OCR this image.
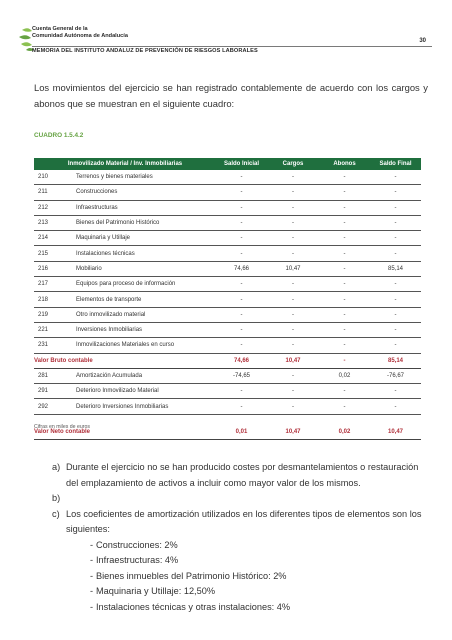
Cuenta General de la
Comunidad Autónoma de Andalucía
30
MEMORIA DEL INSTITUTO ANDALUZ DE PREVENCIÓN DE RIESGOS LABORALES
Los movimientos del ejercicio se han registrado contablemente de acuerdo con los cargos y abonos que se muestran en el siguiente cuadro:
CUADRO 1.5.4.2
Inmovilizado Material / Inv. Inmobiliarias		Saldo Inicial	Cargos	Abonos	Saldo Final
210	Terrenos y bienes materiales	-	-	-	-
211	Construcciones	-	-	-	-
212	Infraestructuras	-	-	-	-
213	Bienes del Patrimonio Histórico	-	-	-	-
214	Maquinaria y Utillaje	-	-	-	-
215	Instalaciones técnicas	-	-	-	-
216	Mobiliario	74,66	10,47	-	85,14
217	Equipos para proceso de información	-	-	-	-
218	Elementos de transporte	-	-	-	-
219	Otro inmovilizado material	-	-	-	-
221	Inversiones Inmobiliarias	-	-	-	-
231	Inmovilizaciones Materiales en curso	-	-	-	-
Valor Bruto contable		74,66	10,47	-	85,14
281	Amortización Acumulada	-74,65	-	0,02	-76,67
291	Deterioro Inmovilizado Material	-	-	-	-
292	Deterioro Inversiones Inmobiliarias	-	-	-	-

Valor Neto contable		0,01	10,47	0,02	10,47
Cifras en miles de euros
a) Durante el ejercicio no se han producido costes por desmantelamientos o restauración del emplazamiento de activos a incluir como mayor valor de los mismos.
b)

c) Los coeficientes de amortización utilizados en los diferentes tipos de elementos son los siguientes:
- Construcciones: 2%
- Infraestructuras: 4%
- Bienes inmuebles del Patrimonio Histórico: 2%
- Maquinaria y Utillaje: 12,50%
- Instalaciones técnicas y otras instalaciones: 4%
